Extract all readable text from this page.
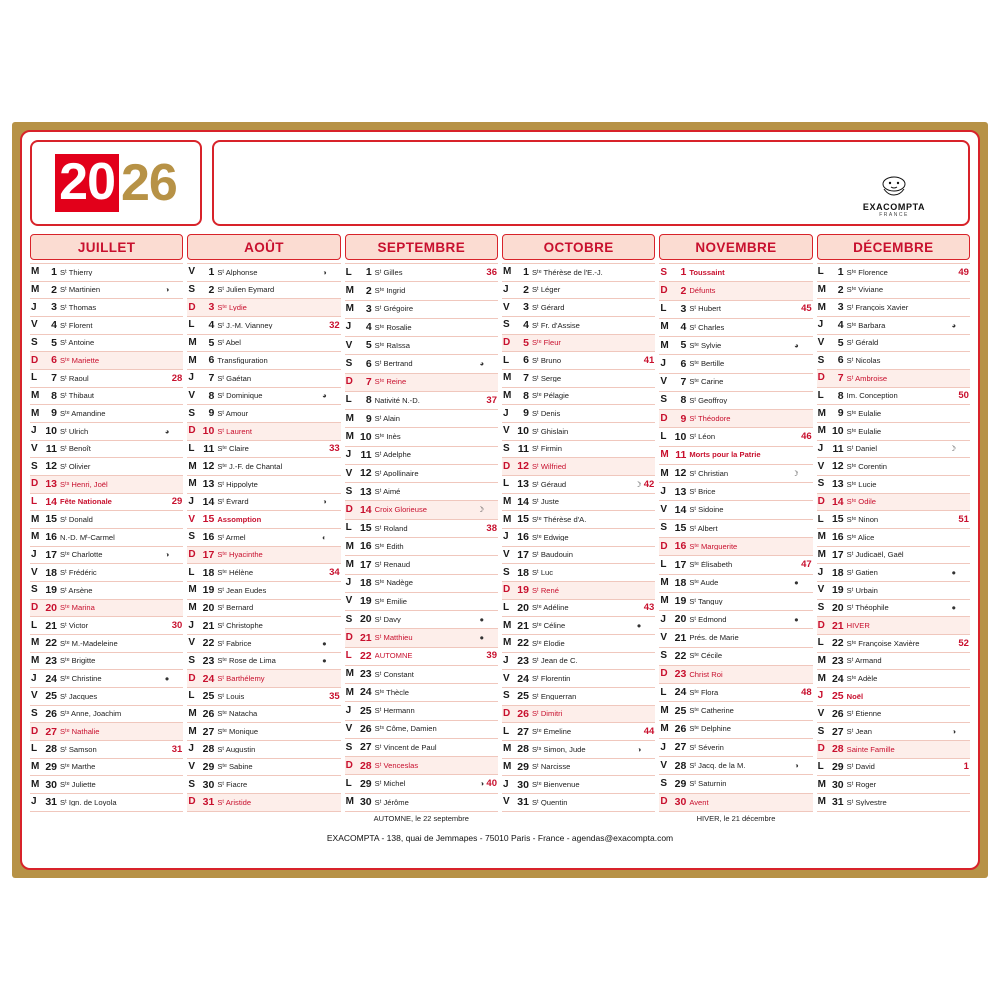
20 26	EXACOMPTA
FRANCE
JUILLET
M	1 Sᵗ Thierry
M	2 Sᵗ Martinien	◑
J	3 Sᵗ Thomas
V	4 Sᵗ Florent
S	5 Sᵗ Antoine
D	6 Sᵗᵉ Mariette
L	7 Sᵗ Raoul	28
M	8 Sᵗ Thibaut
M	9 Sᵗᵉ Amandine
J 10 Sᵗ Ulrich	◕
V 11 Sᵗ Benoît
S 12 Sᵗ Olivier
D 13 Sᵗˢ Henri, Joël
L 14 Fête Nationale	29
M 15 Sᵗ Donald
M 16 N.-D. Mᵗ-Carmel
J 17 Sᵗᵉ Charlotte	◑
V 18 Sᵗ Frédéric
S 19 Sᵗ Arsène
D 20 Sᵗᵉ Marina
L 21 Sᵗ Victor	30
M 22 Sᵗᵉ M.-Madeleine
M 23 Sᵗᵉ Brigitte
J 24 Sᵗᵉ Christine	●
V 25 Sᵗ Jacques
S 26 Sᵗˢ Anne, Joachim
D 27 Sᵗᵉ Nathalie
L 28 Sᵗ Samson	31
M 29 Sᵗᵉ Marthe
M 30 Sᵗᵉ Juliette
J 31 Sᵗ Ign. de Loyola
AOÛT
V	1 Sᵗ Alphonse	◑
S	2 Sᵗ Julien Eymard
D	3 Sᵗᵉ Lydie
L	4 Sᵗ J.-M. Vianney	32
M	5 Sᵗ Abel
M	6 Transfiguration
J	7 Sᵗ Gaétan
V	8 Sᵗ Dominique	◕
S	9 Sᵗ Amour
D 10 Sᵗ Laurent
L 11 Sᵗᵉ Claire	33
M 12 Sᵗᵉ J.-F. de Chantal
M 13 Sᵗ Hippolyte
J 14 Sᵗ Évrard	◑
V 15 Assomption
S 16 Sᵗ Armel	◐
D 17 Sᵗᵉ Hyacinthe
L 18 Sᵗᵉ Hélène	34
M 19 Sᵗ Jean Eudes
M 20 Sᵗ Bernard
J 21 Sᵗ Christophe
V 22 Sᵗ Fabrice	●
S 23 Sᵗᵉ Rose de Lima	●
D 24 Sᵗ Barthélemy
L 25 Sᵗ Louis	35
M 26 Sᵗᵉ Natacha
M 27 Sᵗᵉ Monique
J 28 Sᵗ Augustin
V 29 Sᵗᵉ Sabine
S 30 Sᵗ Fiacre
D 31 Sᵗ Aristide
SEPTEMBRE
L	1 Sᵗ Gilles	36
M	2 Sᵗᵉ Ingrid
M	3 Sᵗ Grégoire
J	4 Sᵗᵉ Rosalie
V	5 Sᵗᵉ Raïssa
S	6 Sᵗ Bertrand	◕
D	7 Sᵗᵉ Reine
L	8 Nativité N.-D.	37
M	9 Sᵗ Alain
M 10 Sᵗᵉ Inès
J 11 Sᵗ Adelphe
V 12 Sᵗ Apollinaire
S 13 Sᵗ Aimé
D 14 Croix Glorieuse	☽
L 15 Sᵗ Roland	38
M 16 Sᵗᵉ Édith
M 17 Sᵗ Renaud
J 18 Sᵗᵉ Nadège
V 19 Sᵗᵉ Émilie
S 20 Sᵗ Davy	●
D 21 Sᵗ Matthieu	●
L 22 AUTOMNE	39
M 23 Sᵗ Constant
M 24 Sᵗᵉ Thècle
J 25 Sᵗ Hermann
V 26 Sᵗˢ Côme, Damien
S 27 Sᵗ Vincent de Paul
D 28 Sᵗ Venceslas
L 29 Sᵗ Michel	◑ 40
M 30 Sᵗ Jérôme
AUTOMNE, le 22 septembre
OCTOBRE
M	1 Sᵗᵉ Thérèse de l'E.-J.
J	2 Sᵗ Léger
V	3 Sᵗ Gérard
S	4 Sᵗ Fr. d'Assise
D	5 Sᵗᵉ Fleur
L	6 Sᵗ Bruno	41
M	7 Sᵗ Serge
M	8 Sᵗᵉ Pélagie
J	9 Sᵗ Denis
V 10 Sᵗ Ghislain
S 11 Sᵗ Firmin
D 12 Sᵗ Wilfried
L 13 Sᵗ Géraud	☽ 42
M 14 Sᵗ Juste
M 15 Sᵗᵉ Thérèse d'A.
J 16 Sᵗᵉ Edwige
V 17 Sᵗ Baudouin
S 18 Sᵗ Luc
D 19 Sᵗ René
L 20 Sᵗᵉ Adéline	43
M 21 Sᵗᵉ Céline	●
M 22 Sᵗᵉ Élodie
J 23 Sᵗ Jean de C.
V 24 Sᵗ Florentin
S 25 Sᵗ Enguerran
D 26 Sᵗ Dimitri
L 27 Sᵗᵉ Émeline	44
M 28 Sᵗˢ Simon, Jude	◑
M 29 Sᵗ Narcisse
J 30 Sᵗᵉ Bienvenue
V 31 Sᵗ Quentin
NOVEMBRE
S	1 Toussaint
D	2 Défunts
L	3 Sᵗ Hubert	45
M	4 Sᵗ Charles
M	5 Sᵗᵉ Sylvie	◕
J	6 Sᵗᵉ Bertille
V	7 Sᵗᵉ Carine
S	8 Sᵗ Geoffroy
D	9 Sᵗ Théodore
L 10 Sᵗ Léon	46
M 11 Morts pour la Patrie
M 12 Sᵗ Christian	☽
J 13 Sᵗ Brice
V 14 Sᵗ Sidoine
S 15 Sᵗ Albert
D 16 Sᵗᵉ Marguerite
L 17 Sᵗᵉ Élisabeth	47
M 18 Sᵗᵉ Aude	●
M 19 Sᵗ Tanguy
J 20 Sᵗ Edmond	●
V 21 Prés. de Marie
S 22 Sᵗᵉ Cécile
D 23 Christ Roi
L 24 Sᵗᵉ Flora	48
M 25 Sᵗᵉ Catherine
M 26 Sᵗᵉ Delphine
J 27 Sᵗ Séverin
V 28 Sᵗ Jacq. de la M.	◑
S 29 Sᵗ Saturnin
D 30 Avent
HIVER, le 21 décembre
DÉCEMBRE
L	1 Sᵗᵉ Florence	49
M	2 Sᵗᵉ Viviane
M	3 Sᵗ François Xavier
J	4 Sᵗᵉ Barbara	◕
V	5 Sᵗ Gérald
S	6 Sᵗ Nicolas
D	7 Sᵗ Ambroise
L	8 Im. Conception	50
M	9 Sᵗᵉ Eulalie
M 10 Sᵗᵉ Eulalie
J 11 Sᵗ Daniel	☽
V 12 Sᵗᵉ Corentin
S 13 Sᵗᵉ Lucie
D 14 Sᵗᵉ Odile
L 15 Sᵗᵉ Ninon	51
M 16 Sᵗᵉ Alice
M 17 Sᵗ Judicaël, Gaël
J 18 Sᵗ Gatien	●
V 19 Sᵗ Urbain
S 20 Sᵗ Théophile	●
D 21 HIVER
L 22 Sᵗᵉ Françoise Xavière	52
M 23 Sᵗ Armand
M 24 Sᵗᵉ Adèle
J 25 Noël
V 26 Sᵗ Étienne
S 27 Sᵗ Jean	◑
D 28 Sainte Famille
L 29 Sᵗ David	1
M 30 Sᵗ Roger
M 31 Sᵗ Sylvestre
EXACOMPTA - 138, quai de Jemmapes - 75010 Paris - France - agendas@exacompta.com
